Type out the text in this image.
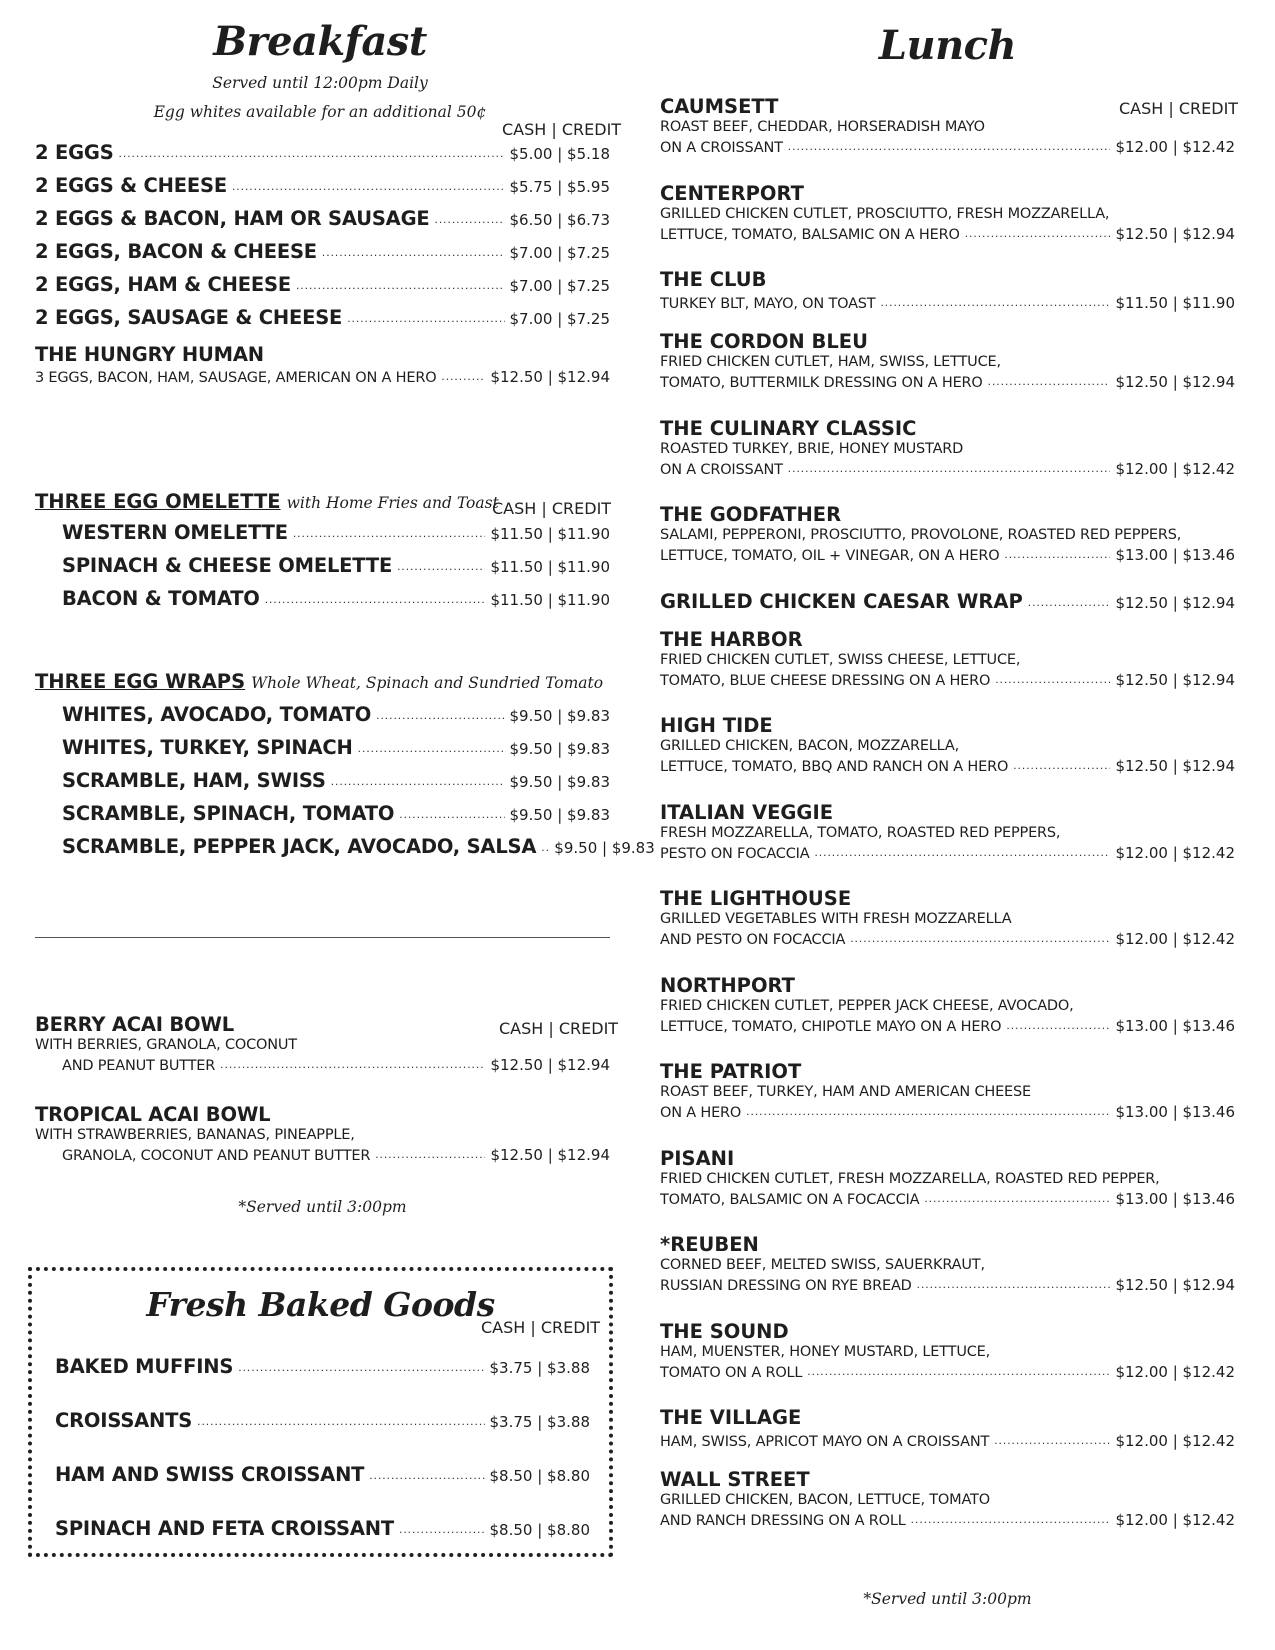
Breakfast
Served until 12:00pm Daily
Egg whites available for an additional 50¢
CASH | CREDIT
2 EGGS .....	$5.00 | $5.18
2 EGGS & CHEESE .....	$5.75 | $5.95
2 EGGS & BACON, HAM OR SAUSAGE .....	$6.50 | $6.73
2 EGGS, BACON & CHEESE .....	$7.00 | $7.25
2 EGGS, HAM & CHEESE .....	$7.00 | $7.25
2 EGGS, SAUSAGE & CHEESE .....	$7.00 | $7.25
THE HUNGRY HUMAN
3 EGGS, BACON, HAM, SAUSAGE, AMERICAN ON A HERO .....	$12.50 | $12.94
THREE EGG OMELETTE with Home Fries and Toast
CASH | CREDIT
WESTERN OMELETTE .....	$11.50 | $11.90
SPINACH & CHEESE OMELETTE .....	$11.50 | $11.90
BACON & TOMATO .....	$11.50 | $11.90
THREE EGG WRAPS Whole Wheat, Spinach and Sundried Tomato
WHITES, AVOCADO, TOMATO .....	$9.50 | $9.83
WHITES, TURKEY, SPINACH .....	$9.50 | $9.83
SCRAMBLE, HAM, SWISS .....	$9.50 | $9.83
SCRAMBLE, SPINACH, TOMATO .....	$9.50 | $9.83
SCRAMBLE, PEPPER JACK, AVOCADO, SALSA ..... $9.50 | $9.83
CASH | CREDIT
BERRY ACAI BOWL
WITH BERRIES, GRANOLA, COCONUT
AND PEANUT BUTTER .....	$12.50 | $12.94
TROPICAL ACAI BOWL
WITH STRAWBERRIES, BANANAS, PINEAPPLE,
GRANOLA, COCONUT AND PEANUT BUTTER .....	$12.50 | $12.94
*Served until 3:00pm
Fresh Baked Goods
CASH | CREDIT
BAKED MUFFINS .....	$3.75 | $3.88
CROISSANTS .....	$3.75 | $3.88
HAM AND SWISS CROISSANT .....	$8.50 | $8.80
SPINACH AND FETA CROISSANT .....	$8.50 | $8.80
Lunch
CASH | CREDIT
CAUMSETT
ROAST BEEF, CHEDDAR, HORSERADISH MAYO
ON A CROISSANT .....	$12.00 | $12.42
CENTERPORT
GRILLED CHICKEN CUTLET, PROSCIUTTO, FRESH MOZZARELLA,
LETTUCE, TOMATO, BALSAMIC ON A HERO .....	$12.50 | $12.94
THE CLUB
TURKEY BLT, MAYO, ON TOAST .....	$11.50 | $11.90
THE CORDON BLEU
FRIED CHICKEN CUTLET, HAM, SWISS, LETTUCE,
TOMATO, BUTTERMILK DRESSING ON A HERO .....	$12.50 | $12.94
THE CULINARY CLASSIC
ROASTED TURKEY, BRIE, HONEY MUSTARD
ON A CROISSANT .....	$12.00 | $12.42
THE GODFATHER
SALAMI, PEPPERONI, PROSCIUTTO, PROVOLONE, ROASTED RED PEPPERS,
LETTUCE, TOMATO, OIL + VINEGAR, ON A HERO .....	$13.00 | $13.46
GRILLED CHICKEN CAESAR WRAP .....	$12.50 | $12.94
THE HARBOR
FRIED CHICKEN CUTLET, SWISS CHEESE, LETTUCE,
TOMATO, BLUE CHEESE DRESSING ON A HERO .....	$12.50 | $12.94
HIGH TIDE
GRILLED CHICKEN, BACON, MOZZARELLA,
LETTUCE, TOMATO, BBQ AND RANCH ON A HERO .....	$12.50 | $12.94
ITALIAN VEGGIE
FRESH MOZZARELLA, TOMATO, ROASTED RED PEPPERS,
PESTO ON FOCACCIA .....	$12.00 | $12.42
THE LIGHTHOUSE
GRILLED VEGETABLES WITH FRESH MOZZARELLA
AND PESTO ON FOCACCIA .....	$12.00 | $12.42
NORTHPORT
FRIED CHICKEN CUTLET, PEPPER JACK CHEESE, AVOCADO,
LETTUCE, TOMATO, CHIPOTLE MAYO ON A HERO .....	$13.00 | $13.46
THE PATRIOT
ROAST BEEF, TURKEY, HAM AND AMERICAN CHEESE
ON A HERO .....	$13.00 | $13.46
PISANI
FRIED CHICKEN CUTLET, FRESH MOZZARELLA, ROASTED RED PEPPER,
TOMATO, BALSAMIC ON A FOCACCIA .....	$13.00 | $13.46
*REUBEN
CORNED BEEF, MELTED SWISS, SAUERKRAUT,
RUSSIAN DRESSING ON RYE BREAD .....	$12.50 | $12.94
THE SOUND
HAM, MUENSTER, HONEY MUSTARD, LETTUCE,
TOMATO ON A ROLL .....	$12.00 | $12.42
THE VILLAGE
HAM, SWISS, APRICOT MAYO ON A CROISSANT .....	$12.00 | $12.42
WALL STREET
GRILLED CHICKEN, BACON, LETTUCE, TOMATO
AND RANCH DRESSING ON A ROLL .....	$12.00 | $12.42
*Served until 3:00pm
